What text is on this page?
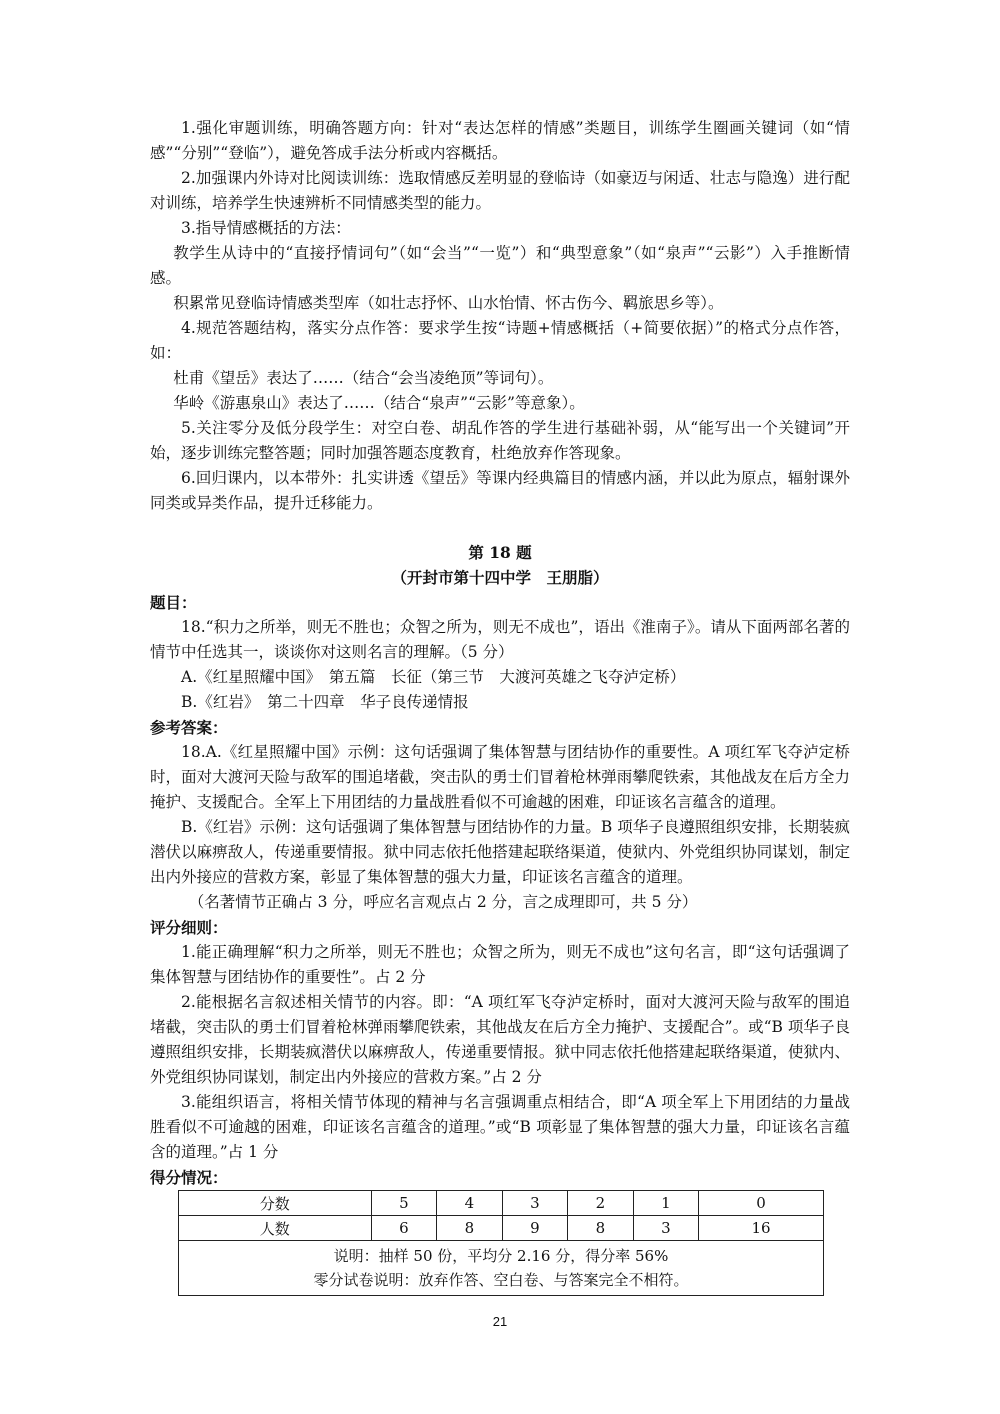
1.强化审题训练，明确答题方向：针对“表达怎样的情感”类题目，训练学生圈画关键词（如“情感”“分别”“登临”），避免答成手法分析或内容概括。

2.加强课内外诗对比阅读训练：选取情感反差明显的登临诗（如豪迈与闲适、壮志与隐逸）进行配对训练，培养学生快速辨析不同情感类型的能力。

3.指导情感概括的方法：

教学生从诗中的“直接抒情词句”（如“会当”“一览”）和“典型意象”（如“泉声”“云影”）入手推断情感。

积累常见登临诗情感类型库（如壮志抒怀、山水怡情、怀古伤今、羁旅思乡等）。

4.规范答题结构，落实分点作答：要求学生按“诗题+情感概括（+简要依据）”的格式分点作答，如：

杜甫《望岳》表达了……（结合“会当凌绝顶”等词句）。

华岭《游惠泉山》表达了……（结合“泉声”“云影”等意象）。

5.关注零分及低分段学生：对空白卷、胡乱作答的学生进行基础补弱，从“能写出一个关键词”开始，逐步训练完整答题；同时加强答题态度教育，杜绝放弃作答现象。

6.回归课内，以本带外：扎实讲透《望岳》等课内经典篇目的情感内涵，并以此为原点，辐射课外同类或异类作品，提升迁移能力。

第 18 题
（开封市第十四中学　王朋脂）
题目：

18.“积力之所举，则无不胜也；众智之所为，则无不成也”，语出《淮南子》。请从下面两部名著的情节中任选其一，谈谈你对这则名言的理解。（5 分）

A.《红星照耀中国》　第五篇　长征（第三节　大渡河英雄之飞夺泸定桥）

B.《红岩》　第二十四章　华子良传递情报

参考答案：

18.A.《红星照耀中国》示例：这句话强调了集体智慧与团结协作的重要性。A 项红军飞夺泸定桥时，面对大渡河天险与敌军的围追堵截，突击队的勇士们冒着枪林弹雨攀爬铁索，其他战友在后方全力掩护、支援配合。全军上下用团结的力量战胜看似不可逾越的困难，印证该名言蕴含的道理。

B.《红岩》示例：这句话强调了集体智慧与团结协作的力量。B 项华子良遵照组织安排，长期装疯潜伏以麻痹敌人，传递重要情报。狱中同志依托他搭建起联络渠道，使狱内、外党组织协同谋划，制定出内外接应的营救方案，彰显了集体智慧的强大力量，印证该名言蕴含的道理。

（名著情节正确占 3 分，呼应名言观点占 2 分，言之成理即可，共 5 分）

评分细则：

1.能正确理解“积力之所举，则无不胜也；众智之所为，则无不成也”这句名言，即“这句话强调了集体智慧与团结协作的重要性”。占 2 分

2.能根据名言叙述相关情节的内容。即：“A 项红军飞夺泸定桥时，面对大渡河天险与敌军的围追堵截，突击队的勇士们冒着枪林弹雨攀爬铁索，其他战友在后方全力掩护、支援配合”。或“B 项华子良遵照组织安排，长期装疯潜伏以麻痹敌人，传递重要情报。狱中同志依托他搭建起联络渠道，使狱内、外党组织协同谋划，制定出内外接应的营救方案。”占 2 分

3.能组织语言，将相关情节体现的精神与名言强调重点相结合，即“A 项全军上下用团结的力量战胜看似不可逾越的困难，印证该名言蕴含的道理。”或“B 项彰显了集体智慧的强大力量，印证该名言蕴含的道理。”占 1 分

得分情况：
分数	5	4	3	2	1	0
人数	6	8	9	8	3	16

说明：抽样 50 份，平均分 2.16 分，得分率 56%
零分试卷说明：放弃作答、空白卷、与答案完全不相符。						
21
